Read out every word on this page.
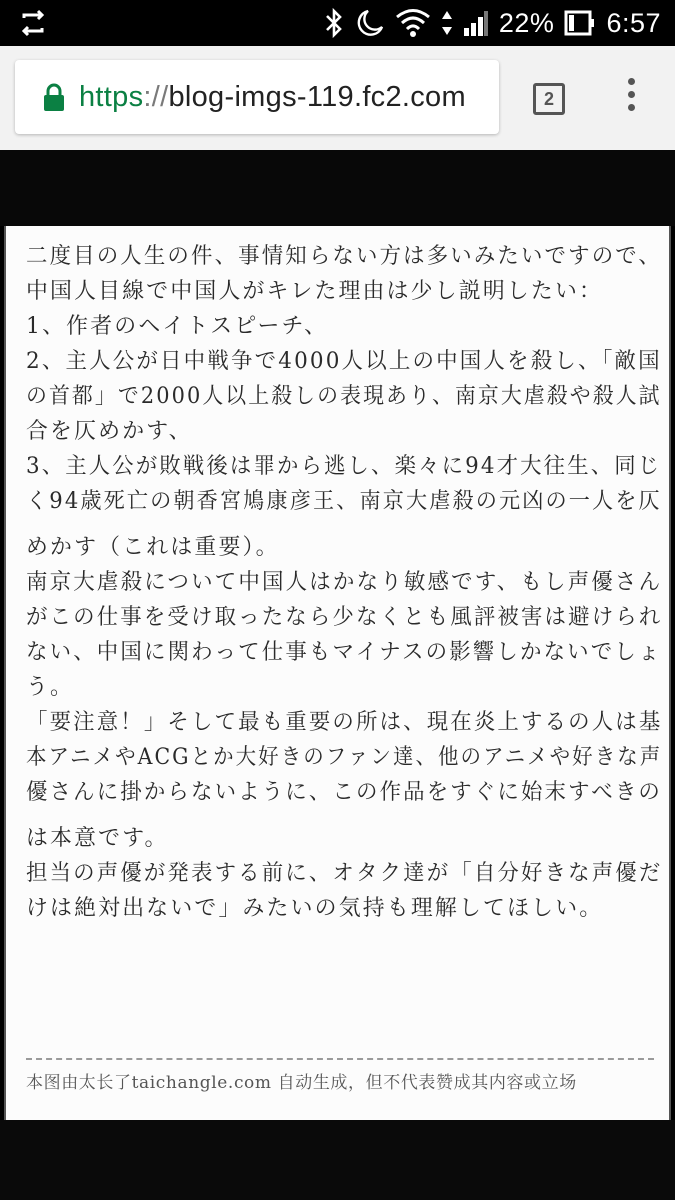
22% 6:57
https://blog-imgs-119.fc2.com	2
二度目の人生の件、事情知らない方は多いみたいですので、 中国人目線で中国人がキレた理由は少し説明したい： 1、作者のヘイトスピーチ、 2、主人公が日中戦争で4000人以上の中国人を殺し、「敵国 の首都」で2000人以上殺しの表現あり、南京大虐殺や殺人試 合を仄めかす、 3、主人公が敗戦後は罪から逃し、楽々に94才大往生、同じ く94歳死亡の朝香宮鳩康彦王、南京大虐殺の元凶の一人を仄 めかす（これは重要）。  南京大虐殺について中国人はかなり敏感です、もし声優さん がこの仕事を受け取ったなら少なくとも風評被害は避けられ ない、中国に関わって仕事もマイナスの影響しかないでしょ う。 「要注意！」そして最も重要の所は、現在炎上するの人は基 本アニメやACGとか大好きのファン達、他のアニメや好きな声 優さんに掛からないように、この作品をすぐに始末すべきの は本意です。  担当の声優が発表する前に、オタク達が「自分好きな声優だ けは絶対出ないで」みたいの気持も理解してほしい。
本图由太长了taichangle.com 自动生成，但不代表赞成其内容或立场
